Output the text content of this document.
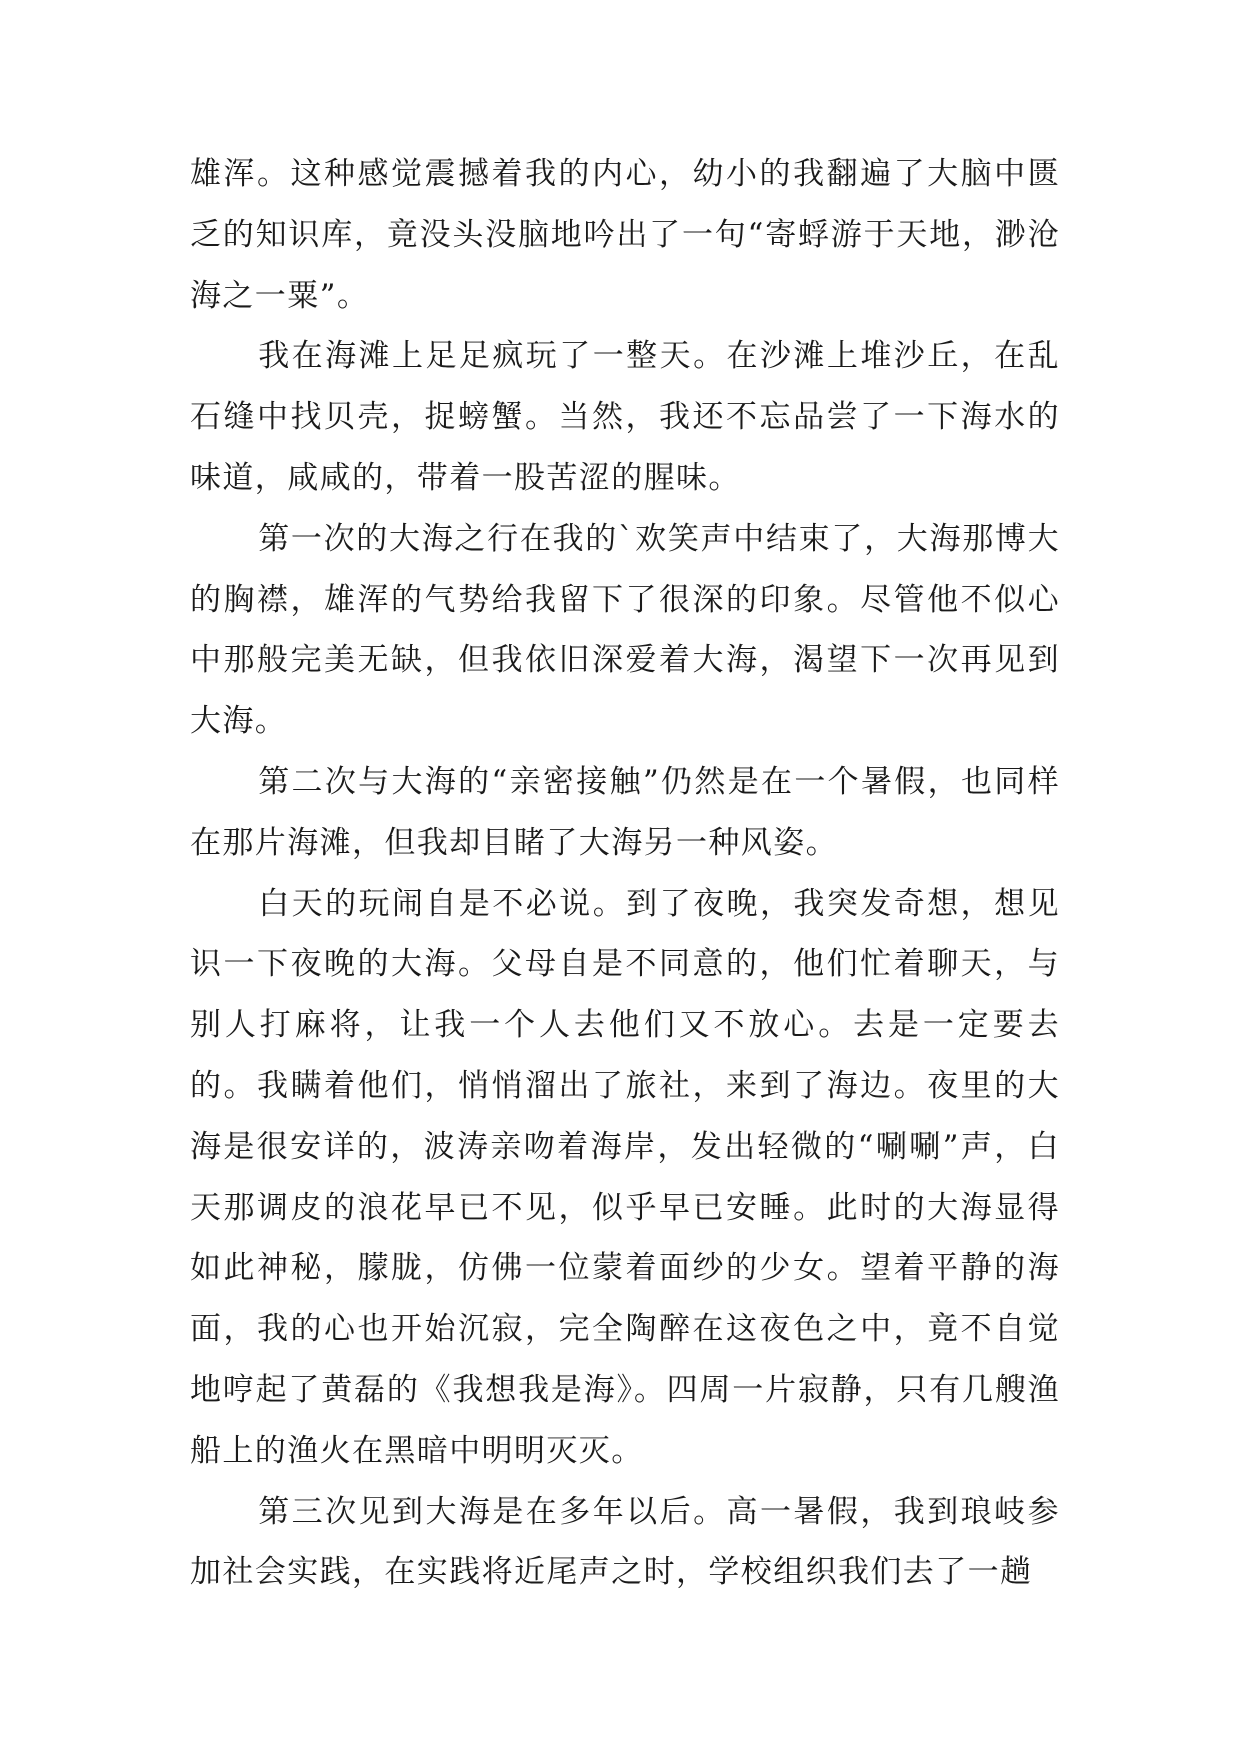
雄浑。这种感觉震撼着我的内心，幼小的我翻遍了大脑中匮乏的知识库，竟没头没脑地吟出了一句“寄蜉游于天地，渺沧海之一粟”。

我在海滩上足足疯玩了一整天。在沙滩上堆沙丘，在乱石缝中找贝壳，捉螃蟹。当然，我还不忘品尝了一下海水的味道，咸咸的，带着一股苦涩的腥味。

第一次的大海之行在我的`欢笑声中结束了，大海那博大的胸襟，雄浑的气势给我留下了很深的印象。尽管他不似心中那般完美无缺，但我依旧深爱着大海，渴望下一次再见到大海。

第二次与大海的“亲密接触”仍然是在一个暑假，也同样在那片海滩，但我却目睹了大海另一种风姿。

白天的玩闹自是不必说。到了夜晚，我突发奇想，想见识一下夜晚的大海。父母自是不同意的，他们忙着聊天，与别人打麻将，让我一个人去他们又不放心。去是一定要去的。我瞒着他们，悄悄溜出了旅社，来到了海边。夜里的大海是很安详的，波涛亲吻着海岸，发出轻微的“唰唰”声，白天那调皮的浪花早已不见，似乎早已安睡。此时的大海显得如此神秘，朦胧，仿佛一位蒙着面纱的少女。望着平静的海面，我的心也开始沉寂，完全陶醉在这夜色之中，竟不自觉地哼起了黄磊的《我想我是海》。四周一片寂静，只有几艘渔船上的渔火在黑暗中明明灭灭。

第三次见到大海是在多年以后。高一暑假，我到琅岐参加社会实践，在实践将近尾声之时，学校组织我们去了一趟
